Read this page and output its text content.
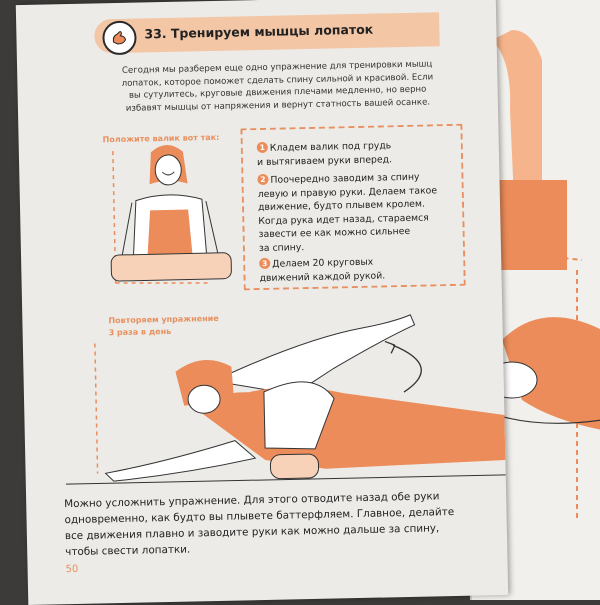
33. Тренируем мышцы лопаток
Сегодня мы разберем еще одно упражнение для тренировки мышц
лопаток, которое поможет сделать спину сильной и красивой. Если
вы сутулитесь, круговые движения плечами медленно, но верно
избавят мышцы от напряжения и вернут статность вашей осанке.
Положите валик вот так:
1 Кладем валик под грудь
и вытягиваем руки вперед.
2 Поочередно заводим за спину
левую и правую руки. Делаем такое
движение, будто плывем кролем.
Когда рука идет назад, стараемся
завести ее как можно сильнее
за спину.
3 Делаем 20 круговых
движений каждой рукой.
Повторяем упражнение
3 раза в день
Можно усложнить упражнение. Для этого отводите назад обе руки
одновременно, как будто вы плывете баттерфляем. Главное, делайте
все движения плавно и заводите руки как можно дальше за спину,
чтобы свести лопатки.
50
